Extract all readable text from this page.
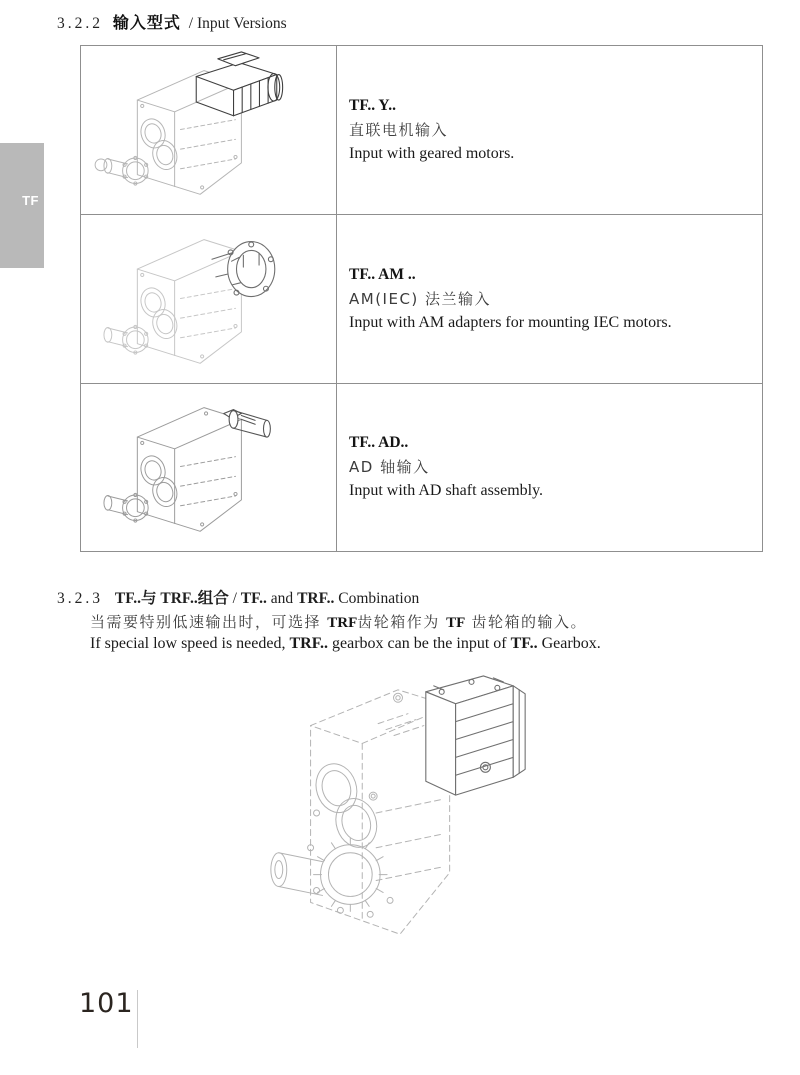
TF
3.2.2 输入型式 / Input Versions
TF.. Y..
直联电机输入
Input with geared motors.
TF.. AM ..
AM(IEC) 法兰输入
Input with AM adapters for mounting IEC motors.
TF.. AD..
AD 轴输入
Input with AD shaft assembly.
3.2.3 TF..与 TRF..组合 / TF.. and TRF.. Combination
当需要特别低速输出时，可选择 TRF齿轮箱作为 TF 齿轮箱的输入。
If special low speed is needed, TRF.. gearbox can be the input of TF.. Gearbox.
101
